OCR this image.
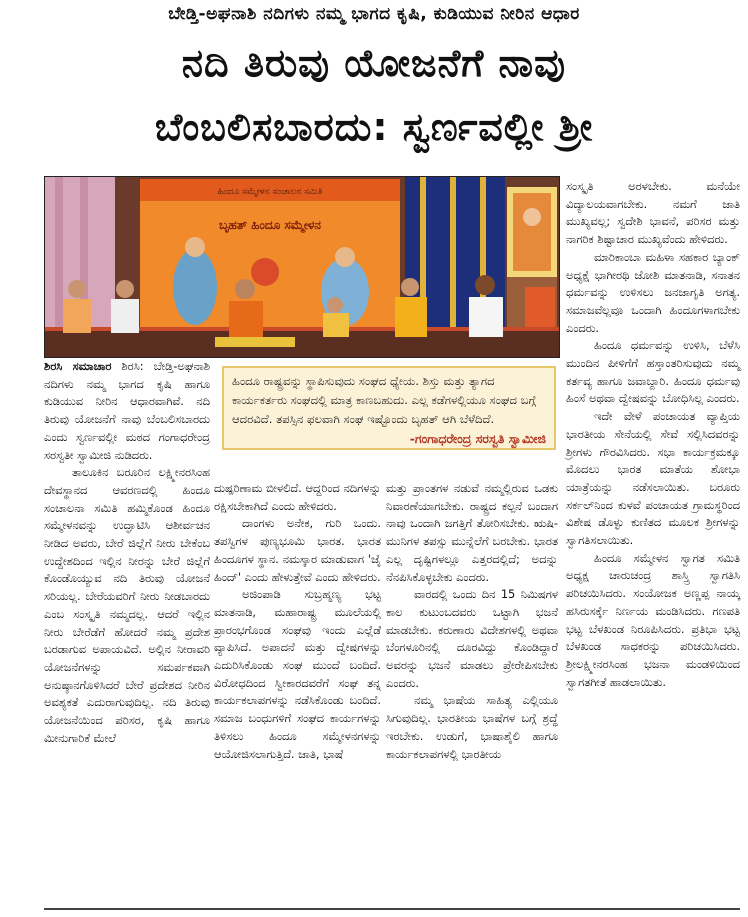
ಬೇಡ್ತಿ-ಅಘನಾಶಿ ನದಿಗಳು ನಮ್ಮ ಭಾಗದ ಕೃಷಿ, ಕುಡಿಯುವ ನೀರಿನ ಆಧಾರ
ನದಿ ತಿರುವು ಯೋಜನೆಗೆ ನಾವು
ಬೆಂಬಲಿಸಬಾರದು: ಸ್ವರ್ಣವಲ್ಲೀ ಶ್ರೀ
ಹಿಂದೂ ಸಮ್ಮೇಳನ ಸಂಚಾಲನ ಸಮಿತಿ
ಬೃಹತ್ ಹಿಂದೂ ಸಮ್ಮೇಳನ
ಹಿಂದೂ ರಾಷ್ಟ್ರವನ್ನು ಸ್ಥಾಪಿಸುವುದು ಸಂಘದ ಧ್ಯೇಯ. ಶಿಸ್ತು ಮತ್ತು ತ್ಯಾಗದ ಕಾರ್ಯಕರ್ತರು ಸಂಘದಲ್ಲಿ ಮಾತ್ರ ಕಾಣಬಹುದು. ಎಲ್ಲ ಕಡೆಗಳಲ್ಲಿಯೂ ಸಂಘದ ಬಗ್ಗೆ ಆದರವಿದೆ. ತಪಸ್ಸಿನ ಫಲವಾಗಿ ಸಂಘ ಇಷ್ಟೊಂದು ಬೃಹತ್ ಆಗಿ ಬೆಳೆದಿದೆ.
-ಗಂಗಾಧರೇಂದ್ರ ಸರಸ್ವತಿ ಸ್ವಾಮೀಜಿ

ಶಿರಸಿ ಸಮಾಚಾರ ಶಿರಸಿ: ಬೇಡ್ತಿ-ಅಘನಾಶಿ ನದಿಗಳು ನಮ್ಮ ಭಾಗದ ಕೃಷಿ ಹಾಗೂ ಕುಡಿಯುವ ನೀರಿನ ಆಧಾರವಾಗಿವೆ. ನದಿ ತಿರುವು ಯೋಜನೆಗೆ ನಾವು ಬೆಂಬಲಿಸಬಾರದು ಎಂದು ಸ್ವರ್ಣವಲ್ಲೀ ಮಠದ ಗಂಗಾಧರೇಂದ್ರ ಸರಸ್ವತೀ ಸ್ವಾಮೀಜಿ ನುಡಿದರು.

ತಾಲೂಕಿನ ಬರೂರಿನ ಲಕ್ಷ್ಮೀನರಸಿಂಹ ದೇವಸ್ಥಾನದ ಆವರಣದಲ್ಲಿ ಹಿಂದೂ ಸಂಚಾಲನಾ ಸಮಿತಿ ಹಮ್ಮಿಕೊಂಡ ಹಿಂದೂ ಸಮ್ಮೇಳನವನ್ನು ಉದ್ಘಾಟಿಸಿ ಆಶೀರ್ವಚನ ನೀಡಿದ ಅವರು, ಬೇರೆ ಜಿಲ್ಲೆಗೆ ನೀರು ಬೇಕೆಂಬ ಉದ್ದೇಶದಿಂದ ಇಲ್ಲಿನ ನೀರನ್ನು ಬೇರೆ ಜಿಲ್ಲೆಗೆ ಕೊಂಡೊಯ್ಯುವ ನದಿ ತಿರುವು ಯೋಜನೆ ಸರಿಯಲ್ಲ. ಬೇರೆಯವರಿಗೆ ನೀರು ನೀಡಬಾರದು ಎಂಬ ಸಂಸ್ಕೃತಿ ನಮ್ಮದಲ್ಲ. ಆದರೆ ಇಲ್ಲಿನ ನೀರು ಬೇರೆಡೆಗೆ ಹೋದರೆ ನಮ್ಮ ಪ್ರದೇಶ ಬರಡಾಗುವ ಅಪಾಯವಿದೆ. ಅಲ್ಲಿನ ನೀರಾವರಿ ಯೋಜನೆಗಳನ್ನು ಸಮರ್ಪಕವಾಗಿ ಅನುಷ್ಠಾನಗೊಳಿಸಿದರೆ ಬೇರೆ ಪ್ರದೇಶದ ನೀರಿನ ಅವಶ್ಯಕತೆ ಎದುರಾಗುವುದಿಲ್ಲ. ನದಿ ತಿರುವು ಯೋಜನೆಯಿಂದ ಪರಿಸರ, ಕೃಷಿ ಹಾಗೂ ಮೀನುಗಾರಿಕೆ ಮೇಲೆ

ದುಷ್ಪರಿಣಾಮ ಬೀಳಲಿದೆ. ಆದ್ದರಿಂದ ನದಿಗಳನ್ನು ರಕ್ಷಿಸಬೇಕಾಗಿದೆ ಎಂದು ಹೇಳಿದರು.

ದಾಂಗಳು ಅನೇಕ, ಗುರಿ ಒಂದು. ತಪಸ್ವಿಗಳ ಪುಣ್ಯಭೂಮಿ ಭಾರತ. ಭಾರತ ಹಿಂದೂಗಳ ಸ್ಥಾನ. ನಮಸ್ಕಾರ ಮಾಡುವಾಗ 'ಜೈ ಹಿಂದ್' ಎಂದು ಹೇಳುತ್ತೇವೆ ಎಂದು ಹೇಳಿದರು.

ಅಜಿಂಪಾಡಿ ಸುಬ್ರಹ್ಮಣ್ಯ ಭಟ್ಟ ಮಾತನಾಡಿ, ಮಹಾರಾಷ್ಟ್ರ ಮೂಲೆಯಲ್ಲಿ ಪ್ರಾರಂಭಗೊಂಡ ಸಂಘವು ಇಂದು ಎಲ್ಲೆಡೆ ವ್ಯಾಪಿಸಿದೆ. ಅಪಾದನೆ ಮತ್ತು ದ್ವೇಷಗಳನ್ನು ಎದುರಿಸಿಕೊಂಡು ಸಂಘ ಮುಂದೆ ಬಂದಿದೆ. ವಿರೋಧದಿಂದ ಸ್ವೀಕಾರದವರೆಗೆ ಸಂಘ ತನ್ನ ಕಾರ್ಯಕಲಾಪಗಳನ್ನು ನಡೆಸಿಕೊಂಡು ಬಂದಿದೆ. ಸಮಾಜ ಬಂಧುಗಳಿಗೆ ಸಂಘದ ಕಾರ್ಯಗಳನ್ನು ತಿಳಿಸಲು ಹಿಂದೂ ಸಮ್ಮೇಳನಗಳನ್ನು ಆಯೋಜಿಸಲಾಗುತ್ತಿದೆ. ಜಾತಿ, ಭಾಷೆ

ಮತ್ತು ಪ್ರಾಂತಗಳ ನಡುವೆ ನಮ್ಮಲ್ಲಿರುವ ಒಡಕು ನಿವಾರಣೆಯಾಗಬೇಕು. ರಾಷ್ಟ್ರದ ಕಲ್ಪನೆ ಬಂದಾಗ ನಾವು ಒಂದಾಗಿ ಜಗತ್ತಿಗೆ ತೋರಿಸಬೇಕು. ಋಷಿ-ಮುನಿಗಳ ತಪಸ್ಸು ಮುನ್ನೆಲೆಗೆ ಬರಬೇಕು. ಭಾರತ ಎಲ್ಲ ದೃಷ್ಟಿಗಳಲ್ಲೂ ಎತ್ತರದಲ್ಲಿದೆ; ಅದನ್ನು ನೆನಪಿಸಿಕೊಳ್ಳಬೇಕು ಎಂದರು.

ವಾರದಲ್ಲಿ ಒಂದು ದಿನ 15 ನಿಮಿಷಗಳ ಕಾಲ ಕುಟುಂಬದವರು ಒಟ್ಟಾಗಿ ಭಜನೆ ಮಾಡಬೇಕು. ಕರುಣಾರು ವಿದೇಶಗಳಲ್ಲಿ ಅಥವಾ ಬೆಂಗಳೂರಿನಲ್ಲಿ ದೂರವಿದ್ದು ಕೊಂಡಿದ್ದಾರೆ ಅವರನ್ನು ಭಜನೆ ಮಾಡಲು ಪ್ರೇರೇಪಿಸಬೇಕು ಎಂದರು.

ನಮ್ಮ ಭಾಷೆಯ ಸಾಹಿತ್ಯ ಎಲ್ಲಿಯೂ ಸಿಗುವುದಿಲ್ಲ. ಭಾರತೀಯ ಭಾಷೆಗಳ ಬಗ್ಗೆ ಶ್ರದ್ಧೆ ಇರಬೇಕು. ಉಡುಗೆ, ಭಾಷಾಶೈಲಿ ಹಾಗೂ ಕಾರ್ಯಕಲಾಪಗಳಲ್ಲಿ ಭಾರತೀಯ

ಸಂಸ್ಕೃತಿ ಅರಳಬೇಕು. ಮನೆಯೇ ವಿದ್ಯಾಲಯವಾಗಬೇಕು. ನಮಗೆ ಜಾತಿ ಮುಖ್ಯವಲ್ಲ; ಸ್ವದೇಶಿ ಭಾವನೆ, ಪರಿಸರ ಮತ್ತು ನಾಗರಿಕ ಶಿಷ್ಟಾಚಾರ ಮುಖ್ಯವೆಂದು ಹೇಳಿದರು.

ಮಾರಿಕಾಂಬಾ ಮಹಿಳಾ ಸಹಕಾರ ಬ್ಯಾಂಕ್ ಅಧ್ಯಕ್ಷೆ ಭಾಗೀರಥಿ ಜೋಶಿ ಮಾತನಾಡಿ, ಸನಾತನ ಧರ್ಮವನ್ನು ಉಳಿಸಲು ಜನಜಾಗೃತಿ ಅಗತ್ಯ. ಸಮಾಜವೆಲ್ಲವೂ ಒಂದಾಗಿ ಹಿಂದೂಗಳಾಗಬೇಕು ಎಂದರು.

ಹಿಂದೂ ಧರ್ಮವನ್ನು ಉಳಿಸಿ, ಬೆಳೆಸಿ ಮುಂದಿನ ಪೀಳಿಗೆಗೆ ಹಸ್ತಾಂತರಿಸುವುದು ನಮ್ಮ ಕರ್ತವ್ಯ ಹಾಗೂ ಜವಾಬ್ದಾರಿ. ಹಿಂದೂ ಧರ್ಮವು ಹಿಂಸೆ ಅಥವಾ ದ್ವೇಷವನ್ನು ಬೋಧಿಸಿಲ್ಲ ಎಂದರು.

ಇದೇ ವೇಳೆ ಪಂಚಾಯತ ವ್ಯಾಪ್ತಿಯ ಭಾರತೀಯ ಸೇನೆಯಲ್ಲಿ ಸೇವೆ ಸಲ್ಲಿಸಿದವರನ್ನು ಶ್ರೀಗಳು ಗೌರವಿಸಿದರು. ಸಭಾ ಕಾರ್ಯಕ್ರಮಕ್ಕೂ ಮೊದಲು ಭಾರತ ಮಾತೆಯ ಶೋಭಾ ಯಾತ್ರೆಯನ್ನು ನಡೆಸಲಾಯಿತು. ಬರೂರು ಸರ್ಕಲ್‌ನಿಂದ ಕುಳವೆ ಪಂಚಾಯತ ಗ್ರಾಮಸ್ಥರಿಂದ ವಿಶೇಷ ಡೊಳ್ಳು ಕುಣಿತದ ಮೂಲಕ ಶ್ರೀಗಳನ್ನು ಸ್ವಾಗತಿಸಲಾಯಿತು.

ಹಿಂದೂ ಸಮ್ಮೇಳನ ಸ್ವಾಗತ ಸಮಿತಿ ಅಧ್ಯಕ್ಷ ಚಾರುಚಂದ್ರ ಶಾಸ್ತ್ರಿ ಸ್ವಾಗತಿಸಿ ಪರಿಚಯಿಸಿದರು. ಸಂಯೋಜಕ ಅಣ್ಣಪ್ಪ ನಾಯ್ಕ ಹಸಿರುಸರ್ಕ್ಕೆ ನಿರ್ಣಯ ಮಂಡಿಸಿದರು. ಗಣಪತಿ ಭಟ್ಟ ಬೆಳಖಂಡ ನಿರೂಪಿಸಿದರು. ಪ್ರತಿಭಾ ಭಟ್ಟ ಬೆಳಖಂಡ ಸಾಧಕರನ್ನು ಪರಿಚಯಿಸಿದರು. ಶ್ರೀಲಕ್ಷ್ಮೀನರಸಿಂಹ ಭಜನಾ ಮಂಡಳಿಯಿಂದ ಸ್ವಾಗತಗೀತೆ ಹಾಡಲಾಯಿತು.
